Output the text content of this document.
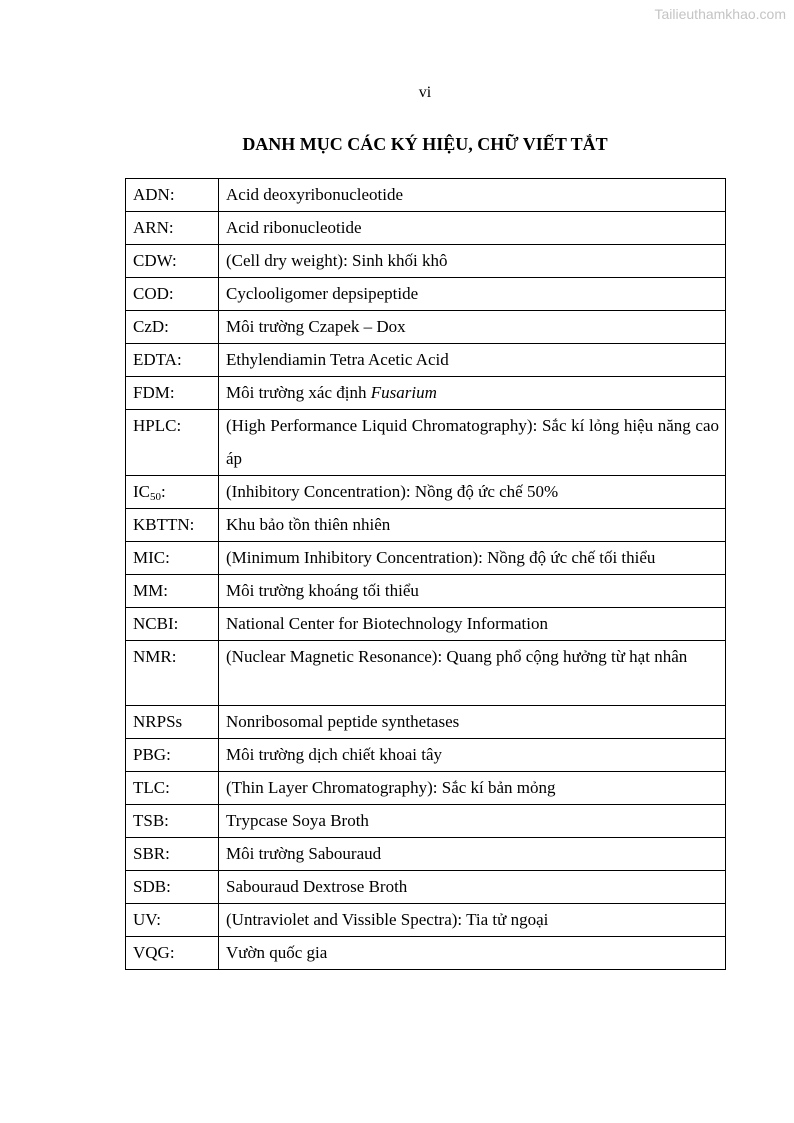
Tailieuthamkhao.com
vi
DANH MỤC CÁC KÝ HIỆU, CHỮ VIẾT TẮT
ADN:	Acid deoxyribonucleotide
ARN:	Acid ribonucleotide
CDW:	(Cell dry weight): Sinh khối khô
COD:	Cyclooligomer depsipeptide
CzD:	Môi trường Czapek – Dox
EDTA:	Ethylendiamin Tetra Acetic Acid
FDM:	Môi trường xác định Fusarium
HPLC:	(High Performance Liquid Chromatography): Sắc kí lỏng hiệu năng cao áp
$IC_{50}$:	(Inhibitory Concentration): Nồng độ ức chế 50%
KBTTN:	Khu bảo tồn thiên nhiên
MIC:	(Minimum Inhibitory Concentration): Nồng độ ức chế tối thiểu
MM:	Môi trường khoáng tối thiểu
NCBI:	National Center for Biotechnology Information
NMR:	(Nuclear Magnetic Resonance): Quang phổ cộng hưởng từ hạt nhân
NRPSs	Nonribosomal peptide synthetases
PBG:	Môi trường dịch chiết khoai tây
TLC:	(Thin Layer Chromatography): Sắc kí bản mỏng
TSB:	Trypcase Soya Broth
SBR:	Môi trường Sabouraud
SDB:	Sabouraud Dextrose Broth
UV:	(Untraviolet and Vissible Spectra): Tia tử ngoại
VQG:	Vườn quốc gia
